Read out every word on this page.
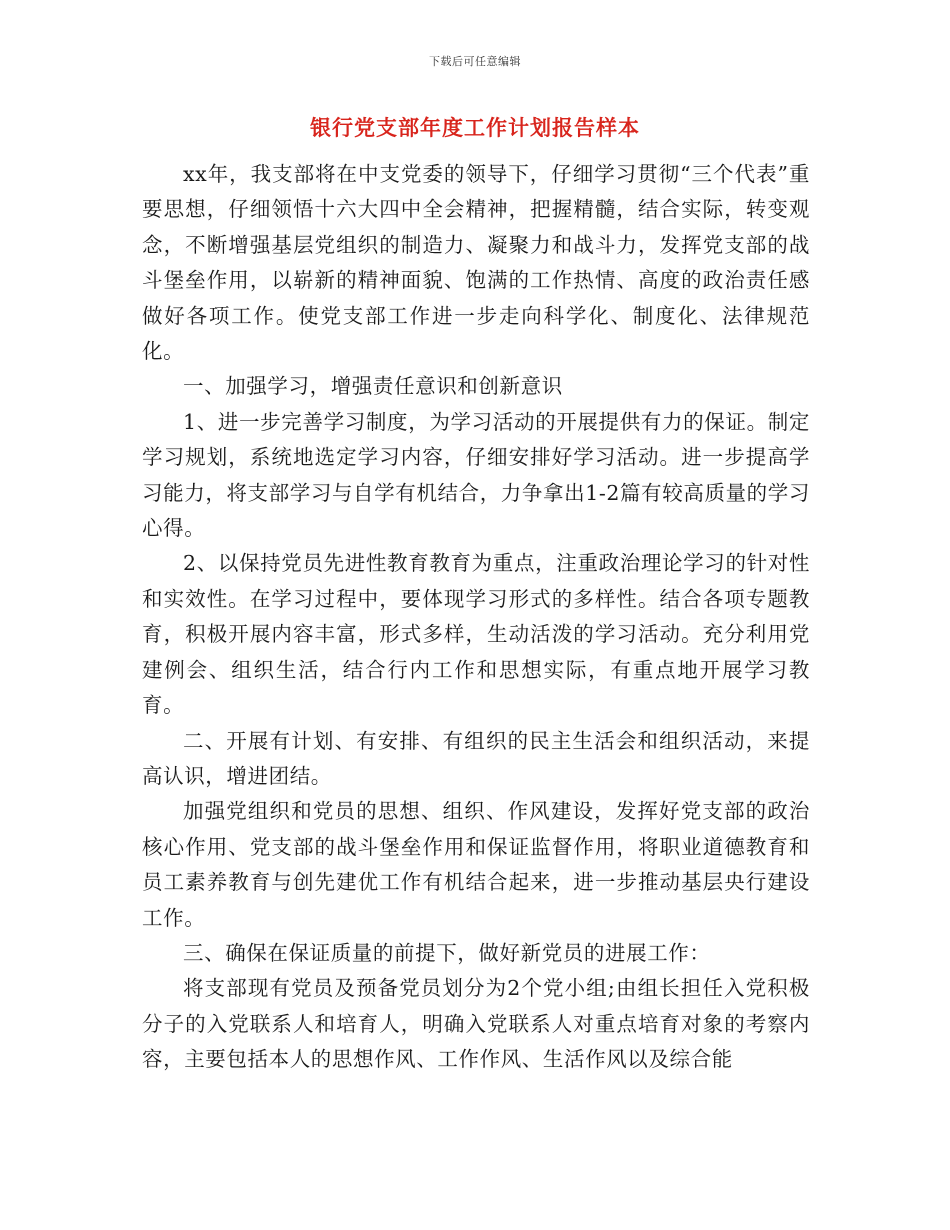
下载后可任意编辑
银行党支部年度工作计划报告样本

xx年，我支部将在中支党委的领导下，仔细学习贯彻“三个代表”重要思想，仔细领悟十六大四中全会精神，把握精髓，结合实际，转变观念，不断增强基层党组织的制造力、凝聚力和战斗力，发挥党支部的战斗堡垒作用，以崭新的精神面貌、饱满的工作热情、高度的政治责任感做好各项工作。使党支部工作进一步走向科学化、制度化、法律规范化。

一、加强学习，增强责任意识和创新意识

1、进一步完善学习制度，为学习活动的开展提供有力的保证。制定学习规划，系统地选定学习内容，仔细安排好学习活动。进一步提高学习能力，将支部学习与自学有机结合，力争拿出1-2篇有较高质量的学习心得。

2、以保持党员先进性教育教育为重点，注重政治理论学习的针对性和实效性。在学习过程中，要体现学习形式的多样性。结合各项专题教育，积极开展内容丰富，形式多样，生动活泼的学习活动。充分利用党建例会、组织生活，结合行内工作和思想实际，有重点地开展学习教育。

二、开展有计划、有安排、有组织的民主生活会和组织活动，来提高认识，增进团结。

加强党组织和党员的思想、组织、作风建设，发挥好党支部的政治核心作用、党支部的战斗堡垒作用和保证监督作用，将职业道德教育和员工素养教育与创先建优工作有机结合起来，进一步推动基层央行建设工作。

三、确保在保证质量的前提下，做好新党员的进展工作：

将支部现有党员及预备党员划分为2个党小组;由组长担任入党积极分子的入党联系人和培育人，明确入党联系人对重点培育对象的考察内容，主要包括本人的思想作风、工作作风、生活作风以及综合能
